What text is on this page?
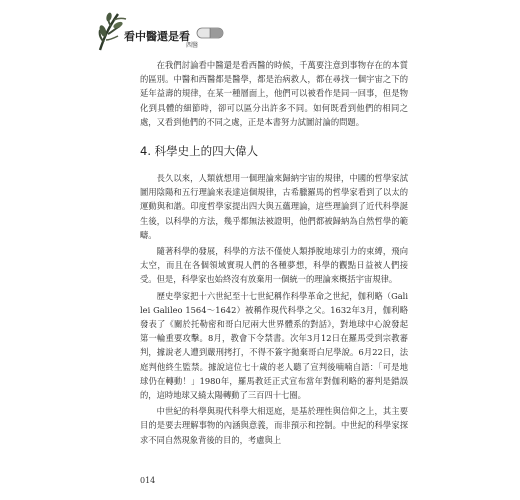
看中醫還是看
西醫

在我們討論看中醫還是看西醫的時候，千萬要注意到事物存在的本質的區別。中醫和西醫都是醫學，都是治病救人，都在尋找一個宇宙之下的延年益壽的規律，在某一種層面上，他們可以被看作是同一回事，但是物化到具體的細節時，卻可以區分出許多不同。如何既看到他們的相同之處，又看到他們的不同之處，正是本書努力試圖討論的問題。

4. 科學史上的四大偉人

長久以來，人類就想用一個理論來歸納宇宙的規律，中國的哲學家試圖用陰陽和五行理論來表達這個規律，古希臘羅馬的哲學家看到了以太的運動與和諧。印度哲學家提出四大與五蘊理論，這些理論到了近代科學誕生後，以科學的方法，幾乎都無法被證明，他們都被歸納為自然哲學的範疇。

隨著科學的發展，科學的方法不僅使人類掙脫地球引力的束縛，飛向太空，而且在各個領域實現人們的各種夢想，科學的觀點日益被人們接受。但是，科學家也始終沒有放棄用一個統一的理論來概括宇宙規律。

歷史學家把十六世紀至十七世紀稱作科學革命之世紀，伽利略（Galilei Galileo 1564～1642）被稱作現代科學之父。1632年3月，伽利略發表了《關於托勒密和哥白尼兩大世界體系的對話》，對地球中心說發起第一輪重要攻擊。8月，教會下令禁書。次年3月12日在羅馬受到宗教審判，據說老人遭到嚴刑拷打，不得不簽字拋棄哥白尼學說。6月22日，法庭判他終生監禁。據說這位七十歲的老人聽了宣判後喃喃自語：「可是地球仍在轉動！」1980年，羅馬教廷正式宣布當年對伽利略的審判是錯誤的，這時地球又繞太陽轉動了三百四十七圈。

中世紀的科學與現代科學大相逕庭，是基於理性與信仰之上，其主要目的是要去理解事物的內涵與意義，而非預示和控制。中世紀的科學家探求不同自然現象背後的目的，考慮與上

014
